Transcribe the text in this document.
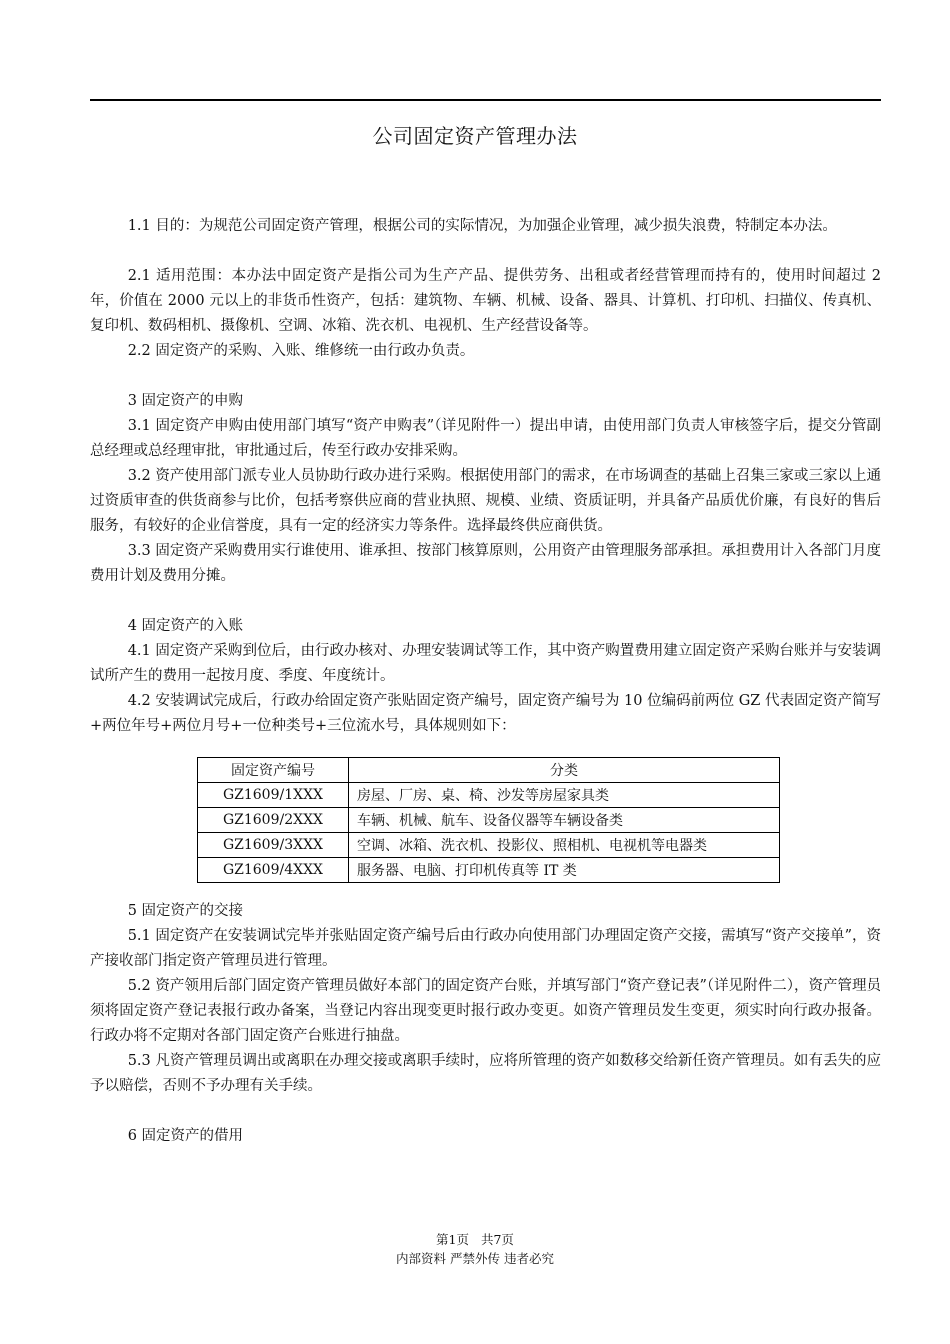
公司固定资产管理办法

1.1 目的：为规范公司固定资产管理，根据公司的实际情况，为加强企业管理，减少损失浪费，特制定本办法。

2.1 适用范围：本办法中固定资产是指公司为生产产品、提供劳务、出租或者经营管理而持有的，使用时间超过 2 年，价值在 2000 元以上的非货币性资产，包括：建筑物、车辆、机械、设备、器具、计算机、打印机、扫描仪、传真机、复印机、数码相机、摄像机、空调、冰箱、洗衣机、电视机、生产经营设备等。

2.2 固定资产的采购、入账、维修统一由行政办负责。

3 固定资产的申购

3.1 固定资产申购由使用部门填写“资产申购表”（详见附件一）提出申请，由使用部门负责人审核签字后，提交分管副总经理或总经理审批，审批通过后，传至行政办安排采购。

3.2 资产使用部门派专业人员协助行政办进行采购。根据使用部门的需求，在市场调查的基础上召集三家或三家以上通过资质审查的供货商参与比价，包括考察供应商的营业执照、规模、业绩、资质证明，并具备产品质优价廉，有良好的售后服务，有较好的企业信誉度，具有一定的经济实力等条件。选择最终供应商供货。

3.3 固定资产采购费用实行谁使用、谁承担、按部门核算原则，公用资产由管理服务部承担。承担费用计入各部门月度费用计划及费用分摊。

4 固定资产的入账

4.1 固定资产采购到位后，由行政办核对、办理安装调试等工作，其中资产购置费用建立固定资产采购台账并与安装调试所产生的费用一起按月度、季度、年度统计。

4.2 安装调试完成后，行政办给固定资产张贴固定资产编号，固定资产编号为 10 位编码前两位 GZ 代表固定资产简写+两位年号+两位月号+一位种类号+三位流水号，具体规则如下：

固定资产编号	分类
GZ1609/1XXX	房屋、厂房、桌、椅、沙发等房屋家具类
GZ1609/2XXX	车辆、机械、航车、设备仪器等车辆设备类
GZ1609/3XXX	空调、冰箱、洗衣机、投影仪、照相机、电视机等电器类
GZ1609/4XXX	服务器、电脑、打印机传真等 IT 类

5 固定资产的交接

5.1 固定资产在安装调试完毕并张贴固定资产编号后由行政办向使用部门办理固定资产交接，需填写“资产交接单”，资产接收部门指定资产管理员进行管理。

5.2 资产领用后部门固定资产管理员做好本部门的固定资产台账，并填写部门“资产登记表”（详见附件二），资产管理员须将固定资产登记表报行政办备案，当登记内容出现变更时报行政办变更。如资产管理员发生变更，须实时向行政办报备。行政办将不定期对各部门固定资产台账进行抽盘。

5.3 凡资产管理员调出或离职在办理交接或离职手续时，应将所管理的资产如数移交给新任资产管理员。如有丢失的应予以赔偿，否则不予办理有关手续。

6 固定资产的借用

第1页 共7页
内部资料 严禁外传 违者必究
